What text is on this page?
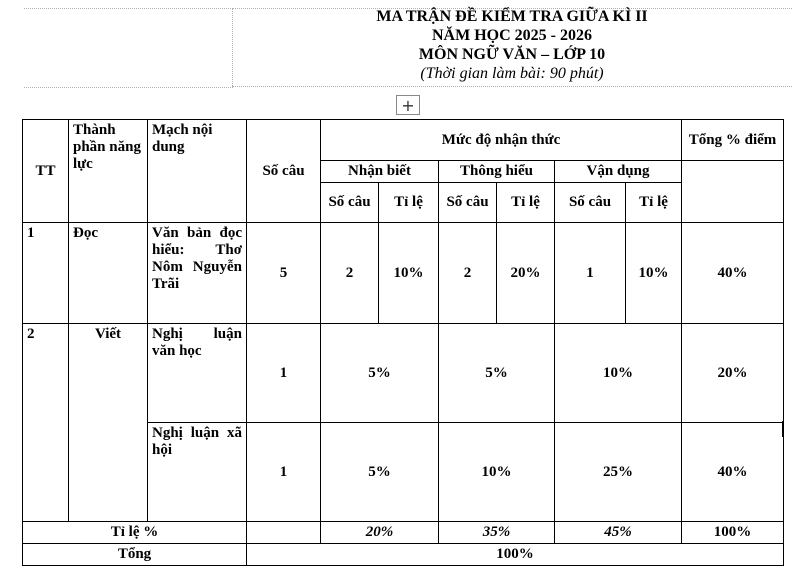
MA TRẬN ĐỀ KIỂM TRA GIỮA KÌ II

NĂM HỌC 2025 - 2026

MÔN NGỮ VĂN – LỚP 10

(Thời gian làm bài: 90 phút)

+
TT	Thành phần năng lực	Mạch nội dung	Số câu	Mức độ nhận thức						Tổng % điểm
				Nhận biết		Thông hiểu		Vận dụng		
				Số câu	Tỉ lệ	Số câu	Tỉ lệ	Số câu	Tỉ lệ	
1	Đọc	Văn bản đọc hiểu: Thơ Nôm Nguyễn Trãi	5	2	10%	2	20%	1	10%	40%
2	Viết	Nghị luận văn học	1	5%		5%		10%		20%
		Nghị luận xã hội	1	5%		10%		25%		40%
Tỉ lệ %				20%		35%		45%		100%
Tổng			100%							
